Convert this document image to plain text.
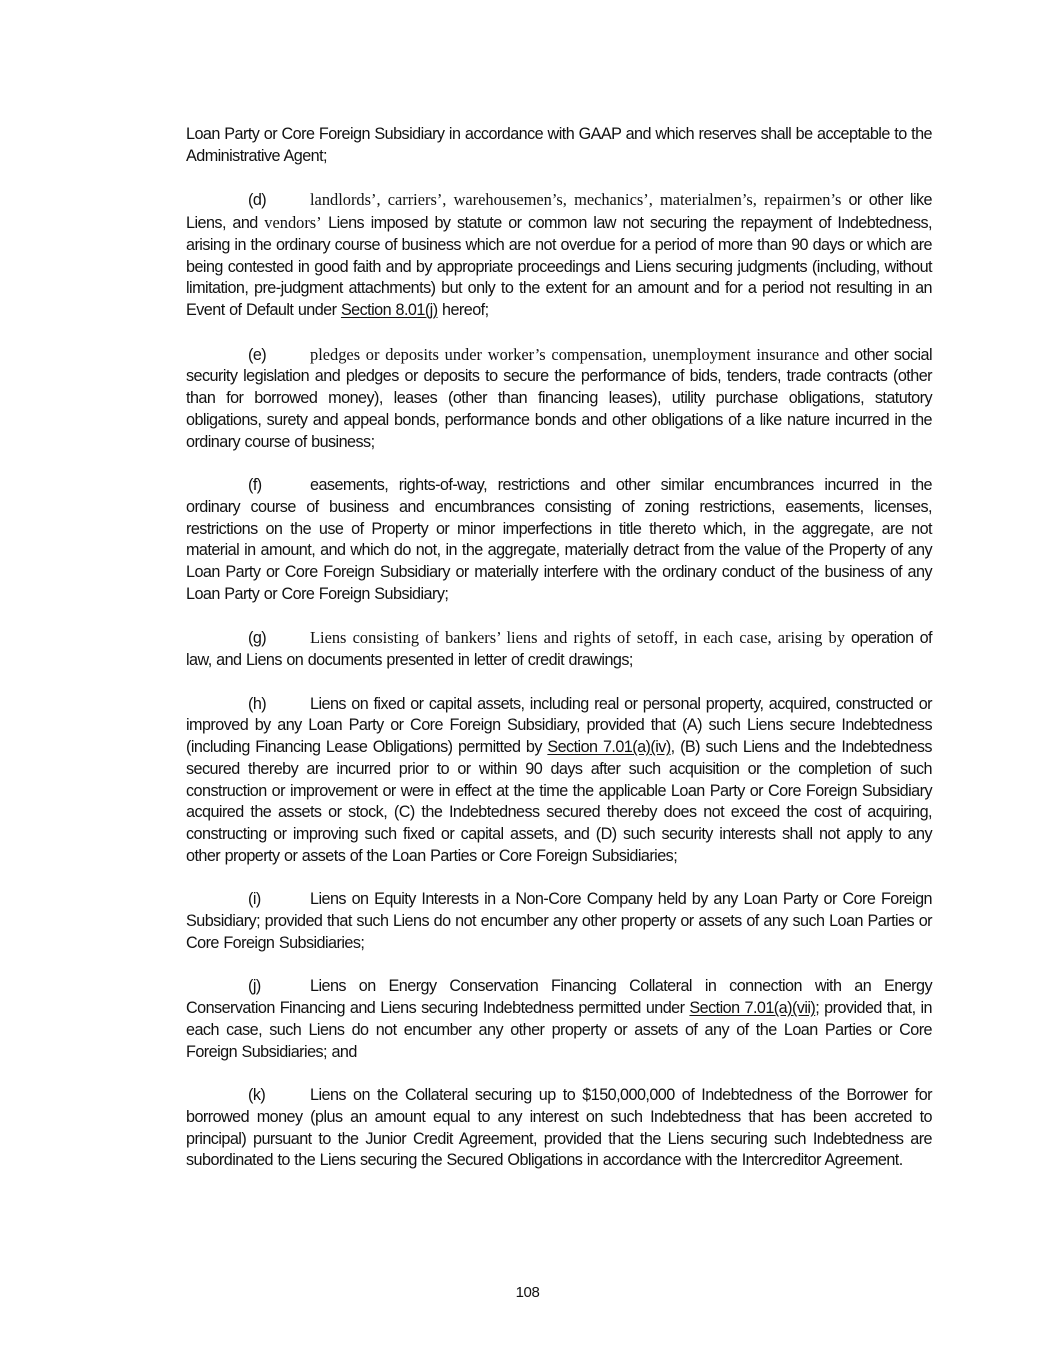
Loan Party or Core Foreign Subsidiary in accordance with GAAP and which reserves shall be acceptable to the Administrative Agent;

(d)	landlords’, carriers’, warehousemen’s, mechanics’, materialmen’s, repairmen’s or other like Liens, and vendors’ Liens imposed by statute or common law not securing the repayment of Indebtedness, arising in the ordinary course of business which are not overdue for a period of more than 90 days or which are being contested in good faith and by appropriate proceedings and Liens securing judgments (including, without limitation, pre-judgment attachments) but only to the extent for an amount and for a period not resulting in an Event of Default under Section 8.01(j) hereof;

(e)	pledges or deposits under worker’s compensation, unemployment insurance and other social security legislation and pledges or deposits to secure the performance of bids, tenders, trade contracts (other than for borrowed money), leases (other than financing leases), utility purchase obligations, statutory obligations, surety and appeal bonds, performance bonds and other obligations of a like nature incurred in the ordinary course of business;

(f)	easements, rights-of-way, restrictions and other similar encumbrances incurred in the ordinary course of business and encumbrances consisting of zoning restrictions, easements, licenses, restrictions on the use of Property or minor imperfections in title thereto which, in the aggregate, are not material in amount, and which do not, in the aggregate, materially detract from the value of the Property of any Loan Party or Core Foreign Subsidiary or materially interfere with the ordinary conduct of the business of any Loan Party or Core Foreign Subsidiary;

(g)	Liens consisting of bankers’ liens and rights of setoff, in each case, arising by operation of law, and Liens on documents presented in letter of credit drawings;

(h)	Liens on fixed or capital assets, including real or personal property, acquired, constructed or improved by any Loan Party or Core Foreign Subsidiary, provided that (A) such Liens secure Indebtedness (including Financing Lease Obligations) permitted by Section 7.01(a)(iv), (B) such Liens and the Indebtedness secured thereby are incurred prior to or within 90 days after such acquisition or the completion of such construction or improvement or were in effect at the time the applicable Loan Party or Core Foreign Subsidiary acquired the assets or stock, (C) the Indebtedness secured thereby does not exceed the cost of acquiring, constructing or improving such fixed or capital assets, and (D) such security interests shall not apply to any other property or assets of the Loan Parties or Core Foreign Subsidiaries;

(i)	Liens on Equity Interests in a Non-Core Company held by any Loan Party or Core Foreign Subsidiary; provided that such Liens do not encumber any other property or assets of any such Loan Parties or Core Foreign Subsidiaries;

(j)	Liens on Energy Conservation Financing Collateral in connection with an Energy Conservation Financing and Liens securing Indebtedness permitted under Section 7.01(a)(vii); provided that, in each case, such Liens do not encumber any other property or assets of any of the Loan Parties or Core Foreign Subsidiaries; and

(k)	Liens on the Collateral securing up to $150,000,000 of Indebtedness of the Borrower for borrowed money (plus an amount equal to any interest on such Indebtedness that has been accreted to principal) pursuant to the Junior Credit Agreement, provided that the Liens securing such Indebtedness are subordinated to the Liens securing the Secured Obligations in accordance with the Intercreditor Agreement.

108
